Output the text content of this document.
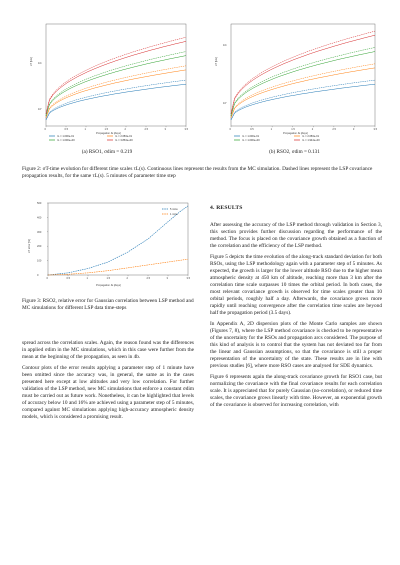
σT [km] 10¹
10⁰
0	0.5	1	1.5	2	2.5	3	3.5
Propagation Δt [days]
τL = 1.000e-01	τL = 2.683e-01
τL = 1.000e+00	τL = 3.863e+00
(a) RSO1, σdim = 0.219
σT [km]
10¹
10⁰
0	0.5	1	1.5	2	2.5	3	3.5
Propagation Δt [days]
τL = 1.000e-01	τL = 2.683e-01
τL = 1.000e+00	τL = 1.944e+00
(b) RSO2, σdim = 0.131
Figure 2: σT-time evolution for different time scales τL(s). Continuous lines represent the results from the MC simulation. Dashed lines represent the LSP covariance propagation results, for the same τL(s). 5 minutes of parameter time step
σT error [%]
500
400
300
200
100
0
0	0.5	1	1.5	2	2.5	3	3.5
Propagation Δt [days]
5 mins
1 mins
Figure 3: RSO2, relative error for Gaussian correlation between LSP method and MC simulations for different LSP data time-steps

spread across the correlation scales. Again, the reason found was the differences in applied σdim in the MC simulations, which in this case were further from the mean at the beginning of the propagation, as seen in 4b.

Contour plots of the error results applying a parameter step of 1 minute have been omitted since the accuracy was, in general, the same as in the cases presented here except at low altitudes and very low correlation. For further validation of the LSP method, new MC simulations that enforce a constant σdim must be carried out as future work. Nonetheless, it can be highlighted that levels of accuracy below 10 and 16% are achieved using a parameter step of 5 minutes, compared against MC simulations applying high-accuracy atmospheric density models, which is considered a promising result.

4. RESULTS

After assessing the accuracy of the LSP method through validation in Section 3, this section provides further discussion regarding the performance of the method. The focus is placed on the covariance growth obtained as a function of the correlation and the efficiency of the LSP method.

Figure 5 depicts the time evolution of the along-track standard deviation for both RSOs, using the LSP methodology again with a parameter step of 5 minutes. As expected, the growth is larger for the lower altitude RSO due to the higher mean atmospheric density at 450 km of altitude, reaching more than 3 km after the correlation time scale surpasses 10 times the orbital period. In both cases, the most relevant covariance growth is observed for time scales greater than 10 orbital periods, roughly half a day. Afterwards, the covariance grows more rapidly until reaching convergence after the correlation time scales are beyond half the propagation period (3.5 days).

In Appendix A, 2D dispersion plots of the Monte Carlo samples are shown (Figures 7, 8), where the LSP method covariance is checked to be representative of the uncertainty for the RSOs and propagation arcs considered. The purpose of this kind of analysis is to control that the system has not deviated too far from the linear and Gaussian assumptions, so that the covariance is still a proper representation of the uncertainty of the state. These results are in line with previous studies [6], where more RSO cases are analysed for SDE dynamics.

Figure 6 represents again the along-track covariance growth for RSO1 case, but normalizing the covariance with the final covariance results for each correlation scale. It is appreciated that for purely Gaussian (no-correlation), or reduced time scales, the covariance grows linearly with time. However, an exponential growth of the covariance is observed for increasing correlation, with
